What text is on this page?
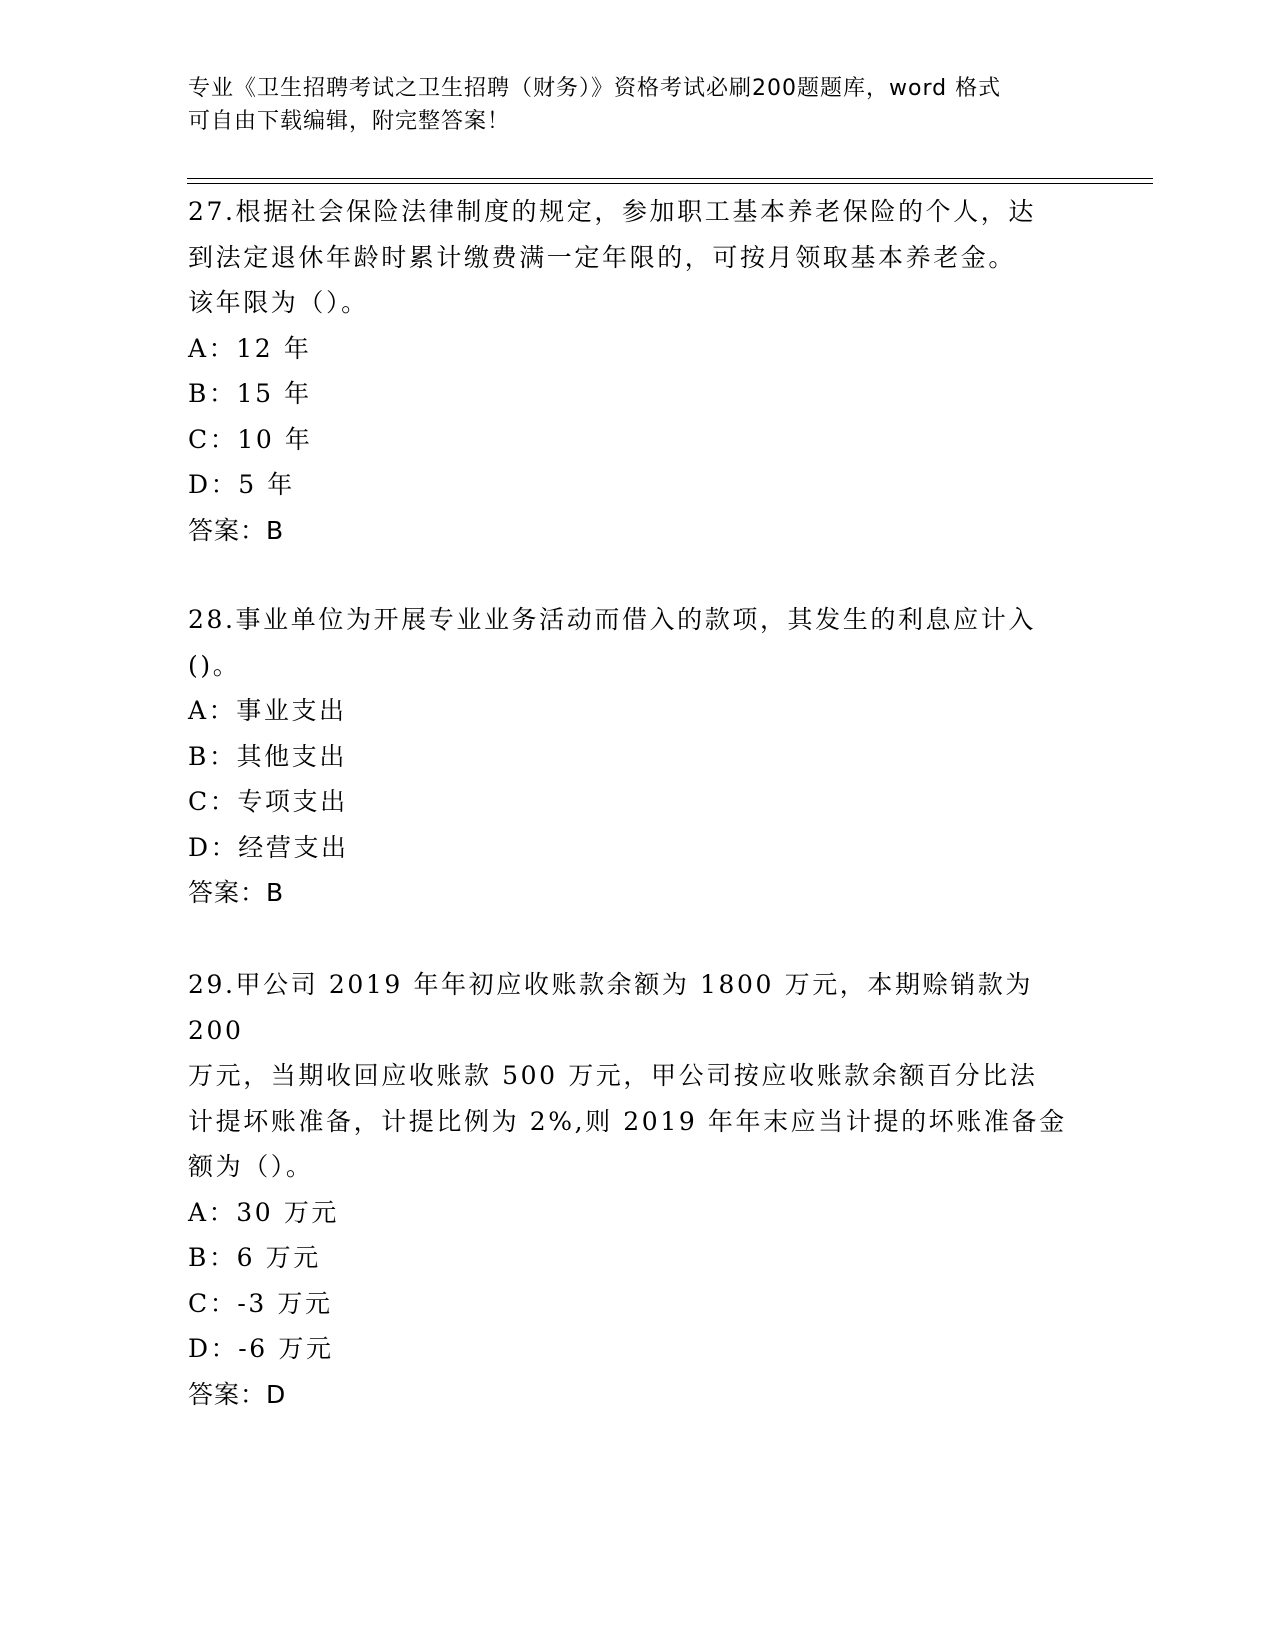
专业《卫生招聘考试之卫生招聘（财务）》资格考试必刷200题题库，word 格式
可自由下载编辑，附完整答案！

27.根据社会保险法律制度的规定，参加职工基本养老保险的个人，达

到法定退休年龄时累计缴费满一定年限的，可按月领取基本养老金。

该年限为（）。

A：12 年

B：15 年

C：10 年

D：5 年

答案：B

28.事业单位为开展专业业务活动而借入的款项，其发生的利息应计入

()。

A：事业支出

B：其他支出

C：专项支出

D：经营支出

答案：B

29.甲公司 2019 年年初应收账款余额为 1800 万元，本期赊销款为 200

万元，当期收回应收账款 500 万元，甲公司按应收账款余额百分比法

计提坏账准备，计提比例为 2%,则 2019 年年末应当计提的坏账准备金

额为（）。

A：30 万元

B：6 万元

C：-3 万元

D：-6 万元

答案：D
